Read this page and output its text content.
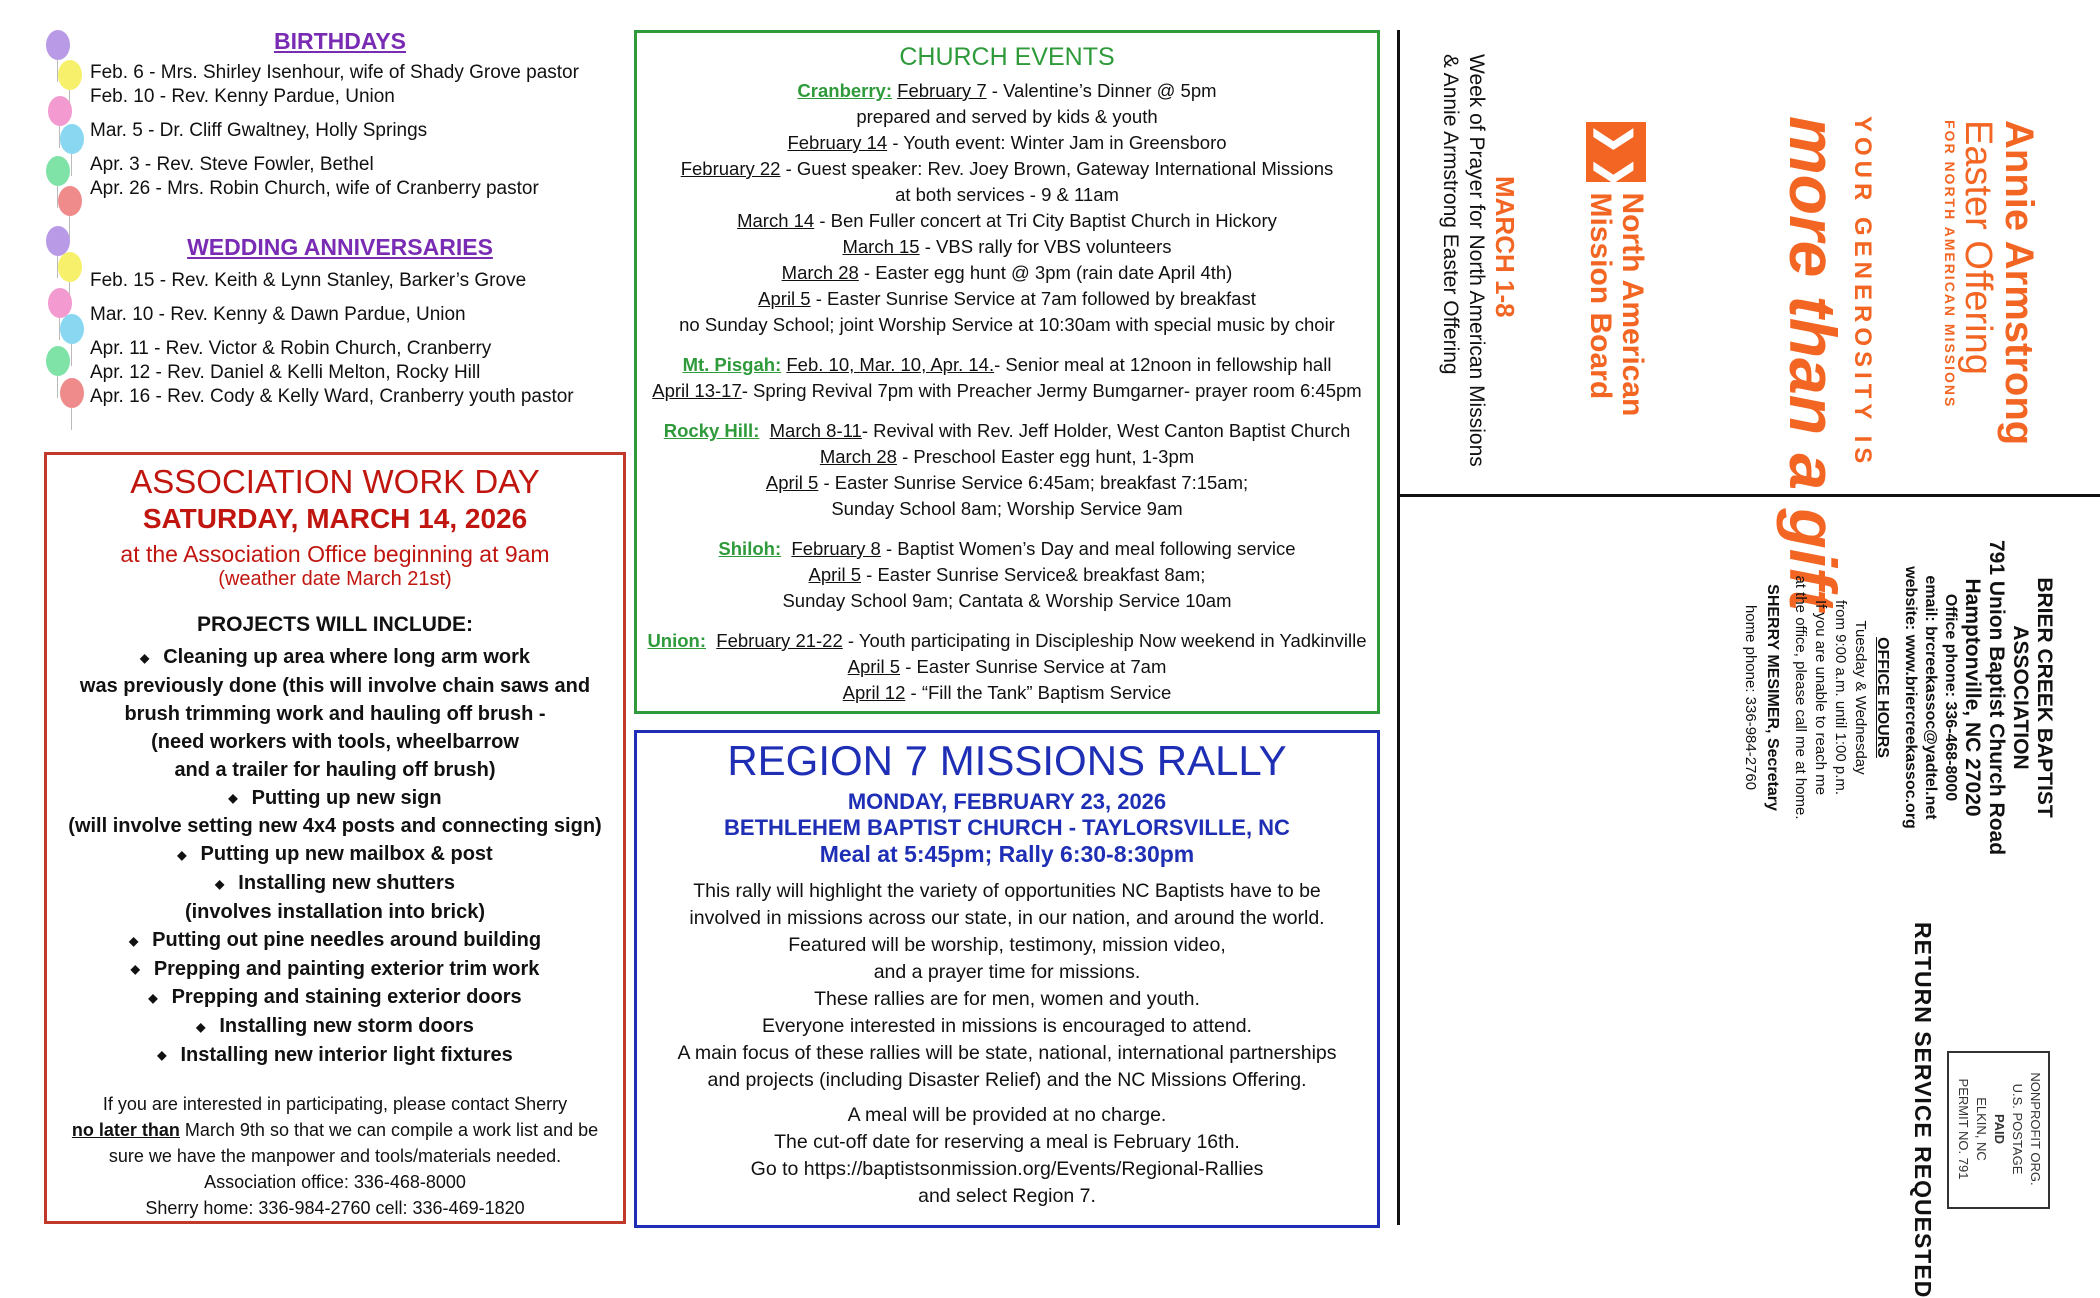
BIRTHDAYS
Feb. 6 - Mrs. Shirley Isenhour, wife of Shady Grove pastor
Feb. 10 - Rev. Kenny Pardue, Union
Mar. 5 - Dr. Cliff Gwaltney, Holly Springs
Apr. 3 - Rev. Steve Fowler, Bethel
Apr. 26 - Mrs. Robin Church, wife of Cranberry pastor
WEDDING ANNIVERSARIES
Feb. 15 - Rev. Keith & Lynn Stanley, Barker’s Grove
Mar. 10 - Rev. Kenny & Dawn Pardue, Union
Apr. 11 - Rev. Victor & Robin Church, Cranberry
Apr. 12 - Rev. Daniel & Kelli Melton, Rocky Hill
Apr. 16 - Rev. Cody & Kelly Ward, Cranberry youth pastor
ASSOCIATION WORK DAY
SATURDAY, MARCH 14, 2026
at the Association Office beginning at 9am
(weather date March 21st)
PROJECTS WILL INCLUDE:
◆ Cleaning up area where long arm work
was previously done (this will involve chain saws and
brush trimming work and hauling off brush -
(need workers with tools, wheelbarrow
and a trailer for hauling off brush)
◆ Putting up new sign
(will involve setting new 4x4 posts and connecting sign)
◆ Putting up new mailbox & post
◆ Installing new shutters
(involves installation into brick)
◆ Putting out pine needles around building
◆ Prepping and painting exterior trim work
◆ Prepping and staining exterior doors
◆ Installing new storm doors
◆ Installing new interior light fixtures
If you are interested in participating, please contact Sherry
no later than March 9th so that we can compile a work list and be
sure we have the manpower and tools/materials needed.
Association office: 336-468-8000
Sherry home: 336-984-2760 cell: 336-469-1820
CHURCH EVENTS
Cranberry: February 7 - Valentine’s Dinner @ 5pm
prepared and served by kids & youth
February 14 - Youth event: Winter Jam in Greensboro
February 22 - Guest speaker: Rev. Joey Brown, Gateway International Missions
at both services - 9 & 11am
March 14 - Ben Fuller concert at Tri City Baptist Church in Hickory
March 15 - VBS rally for VBS volunteers
March 28 - Easter egg hunt @ 3pm (rain date April 4th)
April 5 - Easter Sunrise Service at 7am followed by breakfast
no Sunday School; joint Worship Service at 10:30am with special music by choir
Mt. Pisgah: Feb. 10, Mar. 10, Apr. 14.- Senior meal at 12noon in fellowship hall
April 13-17- Spring Revival 7pm with Preacher Jermy Bumgarner- prayer room 6:45pm
Rocky Hill: March 8-11- Revival with Rev. Jeff Holder, West Canton Baptist Church
March 28 - Preschool Easter egg hunt, 1-3pm
April 5 - Easter Sunrise Service 6:45am; breakfast 7:15am;
Sunday School 8am; Worship Service 9am
Shiloh: February 8 - Baptist Women’s Day and meal following service
April 5 - Easter Sunrise Service& breakfast 8am;
Sunday School 9am; Cantata & Worship Service 10am
Union: February 21-22 - Youth participating in Discipleship Now weekend in Yadkinville
April 5 - Easter Sunrise Service at 7am
April 12 - “Fill the Tank” Baptism Service
REGION 7 MISSIONS RALLY
MONDAY, FEBRUARY 23, 2026
BETHLEHEM BAPTIST CHURCH - TAYLORSVILLE, NC
Meal at 5:45pm; Rally 6:30-8:30pm
This rally will highlight the variety of opportunities NC Baptists have to be
involved in missions across our state, in our nation, and around the world.
Featured will be worship, testimony, mission video,
and a prayer time for missions.
These rallies are for men, women and youth.
Everyone interested in missions is encouraged to attend.
A main focus of these rallies will be state, national, international partnerships
and projects (including Disaster Relief) and the NC Missions Offering.
A meal will be provided at no charge.
The cut-off date for reserving a meal is February 16th.
Go to https://baptistsonmission.org/Events/Regional-Rallies
and select Region 7.
Annie Armstrong
Easter Offering
FOR NORTH AMERICAN MISSIONS
YOUR GENEROSITY IS
more than a gift
❯❯
North American
Mission Board
MARCH 1-8
Week of Prayer for North American Missions
& Annie Armstrong Easter Offering
BRIER CREEK BAPTIST
ASSOCIATION
791 Union Baptist Church Road
Hamptonville, NC 27020
Office phone: 336-468-8000
email: brcreekassoc@yadtel.net
website: www.briercreekassoc.org
OFFICE HOURS
Tuesday & Wednesday
from 9:00 a.m. until 1:00 p.m.
If you are unable to reach me
at the office, please call me at home.
SHERRY MESIMER, Secretary
home phone: 336-984-2760
RETURN SERVICE REQUESTED	NONPROFIT ORG.
U.S. POSTAGE
PAID
ELKIN, NC
PERMIT NO. 791
